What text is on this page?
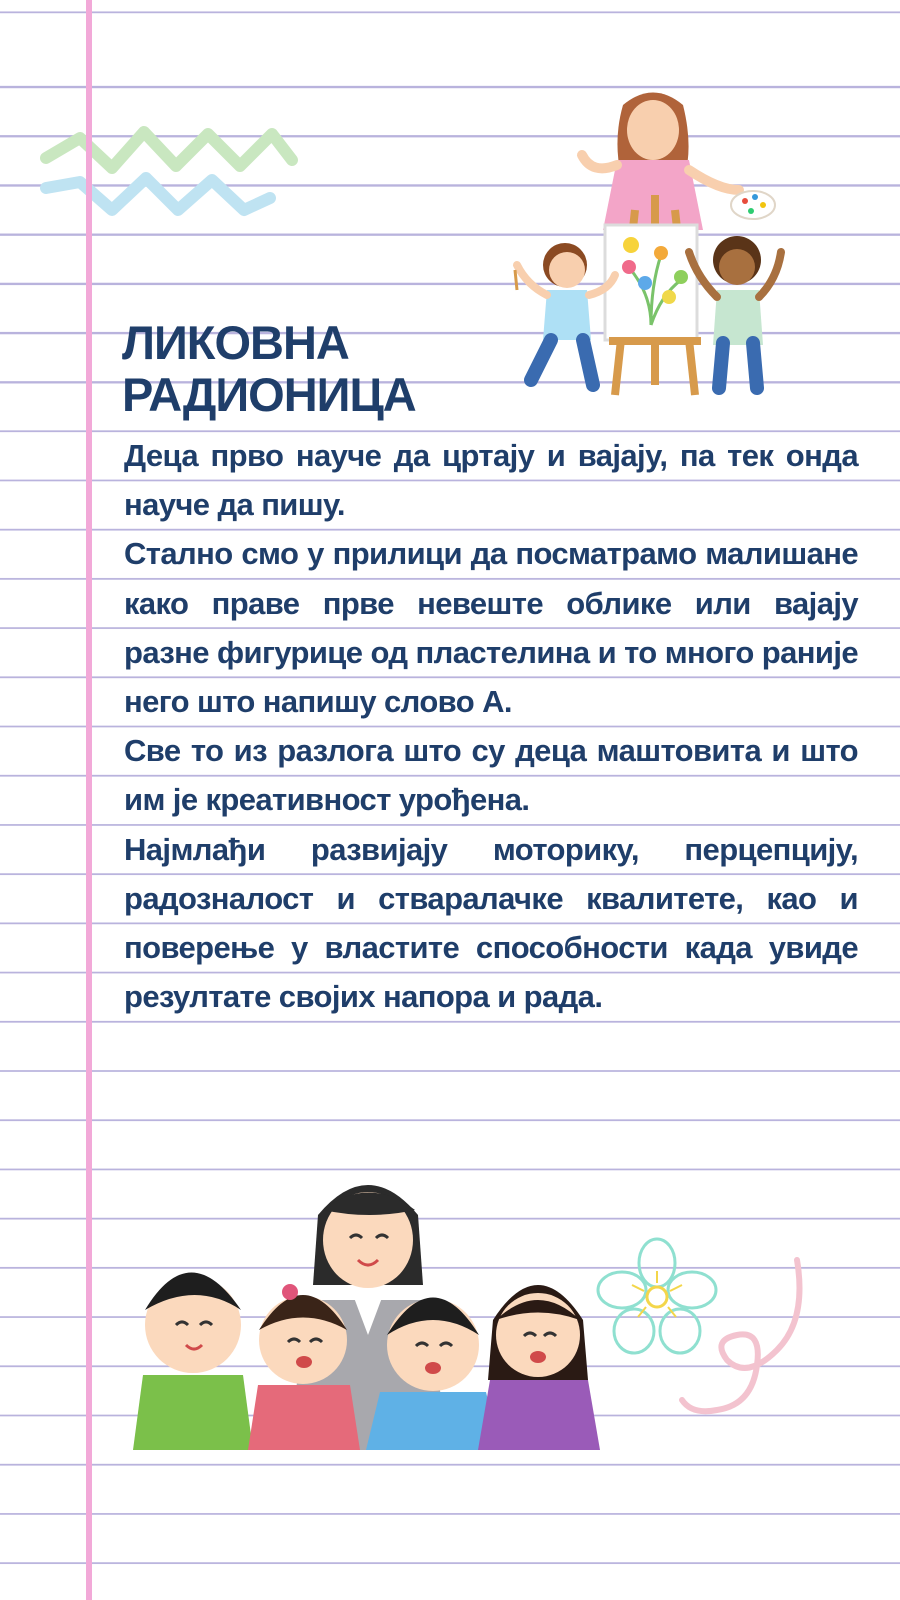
ЛИКОВНА
РАДИОНИЦА

Деца прво науче да цртају и вајају, па тек онда науче да пишу.

Стално смо у прилици да посматрамо малишане како праве прве невеште облике или вајају разне фигурице од пластелина и то много раније него што напишу слово А.

Све то из разлога што су деца маштовита и што им је креативност урођена.

Најмлађи развијају моторику, перцепцију, радозналост и стваралачке квалитете, као и поверење у властите способности када увиде резултате својих напора и рада.
